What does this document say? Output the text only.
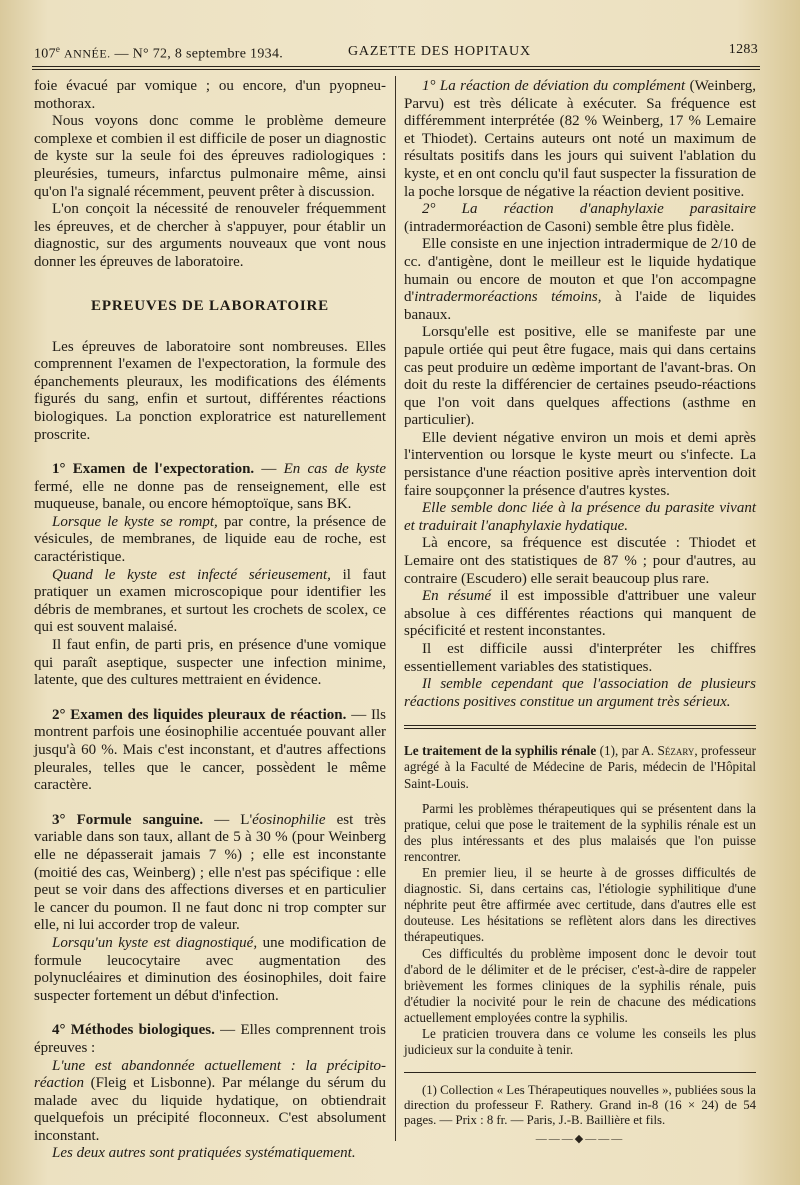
107e ANNÉE. — N° 72, 8 septembre 1934.	GAZETTE DES HOPITAUX	1283

foie évacué par vomique ; ou encore, d'un pyopneu-mothorax.

Nous voyons donc comme le problème demeure complexe et combien il est difficile de poser un diagnostic de kyste sur la seule foi des épreuves radiologiques : pleurésies, tumeurs, infarctus pulmonaire même, ainsi qu'on l'a signalé récemment, peuvent prêter à discussion.

L'on conçoit la nécessité de renouveler fréquemment les épreuves, et de chercher à s'appuyer, pour établir un diagnostic, sur des arguments nouveaux que vont nous donner les épreuves de laboratoire.

EPREUVES DE LABORATOIRE

Les épreuves de laboratoire sont nombreuses. Elles comprennent l'examen de l'expectoration, la formule des épanchements pleuraux, les modifications des éléments figurés du sang, enfin et surtout, différentes réactions biologiques. La ponction exploratrice est naturellement proscrite.

1° Examen de l'expectoration. — En cas de kyste fermé, elle ne donne pas de renseignement, elle est muqueuse, banale, ou encore hémoptoïque, sans BK.

Lorsque le kyste se rompt, par contre, la présence de vésicules, de membranes, de liquide eau de roche, est caractéristique.

Quand le kyste est infecté sérieusement, il faut pratiquer un examen microscopique pour identifier les débris de membranes, et surtout les crochets de scolex, ce qui est souvent malaisé.

Il faut enfin, de parti pris, en présence d'une vomique qui paraît aseptique, suspecter une infection minime, latente, que des cultures mettraient en évidence.

2° Examen des liquides pleuraux de réaction. — Ils montrent parfois une éosinophilie accentuée pouvant aller jusqu'à 60 %. Mais c'est inconstant, et d'autres affections pleurales, telles que le cancer, possèdent le même caractère.

3° Formule sanguine. — L'éosinophilie est très variable dans son taux, allant de 5 à 30 % (pour Weinberg elle ne dépasserait jamais 7 %) ; elle est inconstante (moitié des cas, Weinberg) ; elle n'est pas spécifique : elle peut se voir dans des affections diverses et en particulier le cancer du poumon. Il ne faut donc ni trop compter sur elle, ni lui accorder trop de valeur.

Lorsqu'un kyste est diagnostiqué, une modification de formule leucocytaire avec augmentation des polynucléaires et diminution des éosinophiles, doit faire suspecter fortement un début d'infection.

4° Méthodes biologiques. — Elles comprennent trois épreuves :

L'une est abandonnée actuellement : la précipito-réaction (Fleig et Lisbonne). Par mélange du sérum du malade avec du liquide hydatique, on obtiendrait quelquefois un précipité floconneux. C'est absolument inconstant.

Les deux autres sont pratiquées systématiquement.

1° La réaction de déviation du complément (Weinberg, Parvu) est très délicate à exécuter. Sa fréquence est différemment interprétée (82 % Weinberg, 17 % Lemaire et Thiodet). Certains auteurs ont noté un maximum de résultats positifs dans les jours qui suivent l'ablation du kyste, et en ont conclu qu'il faut suspecter la fissuration de la poche lorsque de négative la réaction devient positive.

2° La réaction d'anaphylaxie parasitaire (intradermoréaction de Casoni) semble être plus fidèle.

Elle consiste en une injection intradermique de 2/10 de cc. d'antigène, dont le meilleur est le liquide hydatique humain ou encore de mouton et que l'on accompagne d'intradermoréactions témoins, à l'aide de liquides banaux.

Lorsqu'elle est positive, elle se manifeste par une papule ortiée qui peut être fugace, mais qui dans certains cas peut produire un œdème important de l'avant-bras. On doit du reste la différencier de certaines pseudo-réactions que l'on voit dans quelques affections (asthme en particulier).

Elle devient négative environ un mois et demi après l'intervention ou lorsque le kyste meurt ou s'infecte. La persistance d'une réaction positive après intervention doit faire soupçonner la présence d'autres kystes.

Elle semble donc liée à la présence du parasite vivant et traduirait l'anaphylaxie hydatique.

Là encore, sa fréquence est discutée : Thiodet et Lemaire ont des statistiques de 87 % ; pour d'autres, au contraire (Escudero) elle serait beaucoup plus rare.

En résumé il est impossible d'attribuer une valeur absolue à ces différentes réactions qui manquent de spécificité et restent inconstantes.

Il est difficile aussi d'interpréter les chiffres essentiellement variables des statistiques.

Il semble cependant que l'association de plusieurs réactions positives constitue un argument très sérieux.

Le traitement de la syphilis rénale (1), par A. Sézary, professeur agrégé à la Faculté de Médecine de Paris, médecin de l'Hôpital Saint-Louis.

Parmi les problèmes thérapeutiques qui se présentent dans la pratique, celui que pose le traitement de la syphilis rénale est un des plus intéressants et des plus malaisés que l'on puisse rencontrer.

En premier lieu, il se heurte à de grosses difficultés de diagnostic. Si, dans certains cas, l'étiologie syphilitique d'une néphrite peut être affirmée avec certitude, dans d'autres elle est douteuse. Les hésitations se reflètent alors dans les directives thérapeutiques.

Ces difficultés du problème imposent donc le devoir tout d'abord de le délimiter et de le préciser, c'est-à-dire de rappeler brièvement les formes cliniques de la syphilis rénale, puis d'étudier la nocivité pour le rein de chacune des médications actuellement employées contre la syphilis.

Le praticien trouvera dans ce volume les conseils les plus judicieux sur la conduite à tenir.

(1) Collection « Les Thérapeutiques nouvelles », publiées sous la direction du professeur F. Rathery. Grand in-8 (16 × 24) de 54 pages. — Prix : 8 fr. — Paris, J.-B. Baillière et fils.

———◆———
